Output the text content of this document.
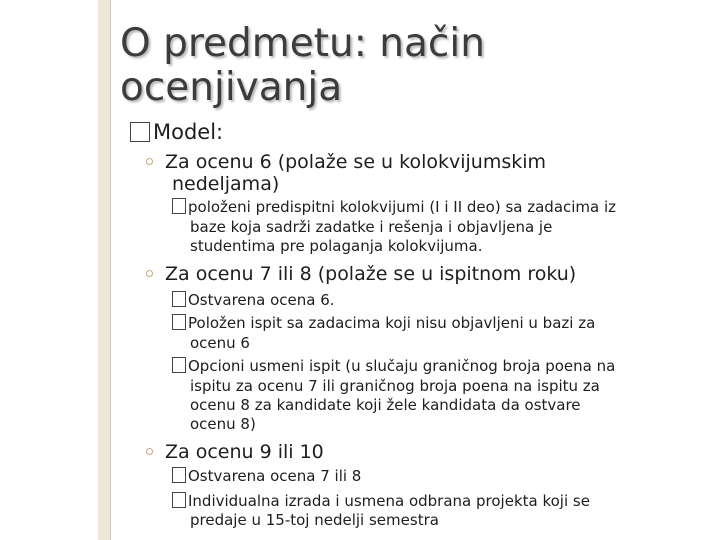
O predmetu: način
ocenjivanja
Model:
Za ocenu 6 (polaže se u kolokvijumskim
nedeljama)
položeni predispitni kolokvijumi (I i II deo) sa zadacima iz
baze koja sadrži zadatke i rešenja i objavljena je
studentima pre polaganja kolokvijuma.
Za ocenu 7 ili 8 (polaže se u ispitnom roku)
Ostvarena ocena 6.
Položen ispit sa zadacima koji nisu objavljeni u bazi za
ocenu 6
Opcioni usmeni ispit (u slučaju graničnog broja poena na
ispitu za ocenu 7 ili graničnog broja poena na ispitu za
ocenu 8 za kandidate koji žele kandidata da ostvare
ocenu 8)
Za ocenu 9 ili 10
Ostvarena ocena 7 ili 8
Individualna izrada i usmena odbrana projekta koji se
predaje u 15-toj nedelji semestra
